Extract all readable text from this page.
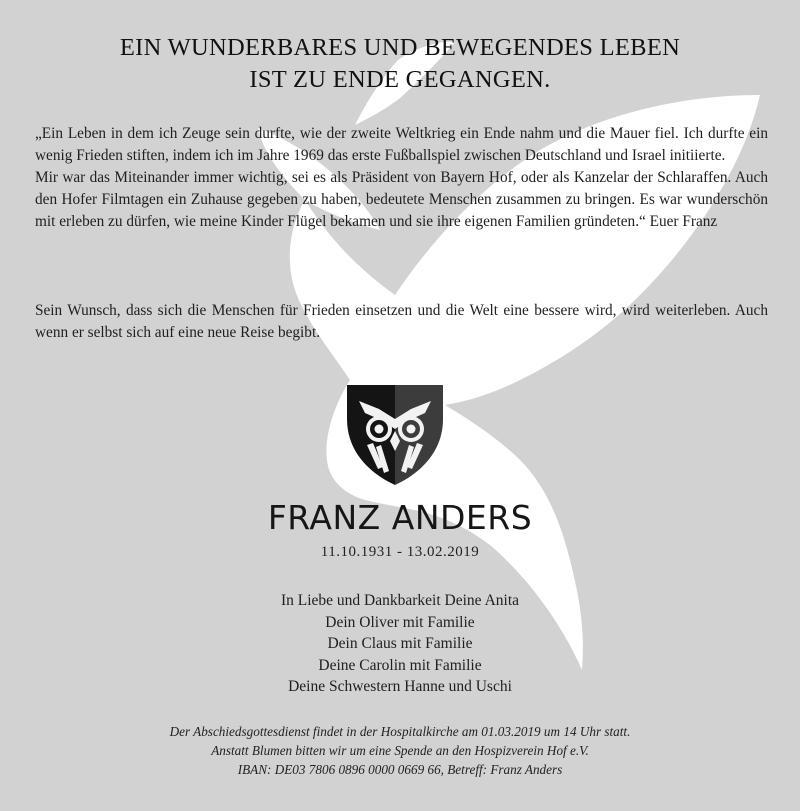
EIN WUNDERBARES UND BEWEGENDES LEBEN
IST ZU ENDE GEGANGEN.

„Ein Leben in dem ich Zeuge sein durfte, wie der zweite Weltkrieg ein Ende nahm und die Mauer fiel. Ich durfte ein wenig Frieden stiften, indem ich im Jahre 1969 das erste Fußballspiel zwischen Deutschland und Israel initiierte.

Mir war das Miteinander immer wichtig, sei es als Präsident von Bayern Hof, oder als Kanzelar der Schlaraffen. Auch den Hofer Filmtagen ein Zuhause gegeben zu haben, bedeutete Menschen zusammen zu bringen. Es war wunderschön mit erleben zu dürfen, wie meine Kinder Flügel bekamen und sie ihre eigenen Familien gründeten.“ Euer Franz

Sein Wunsch, dass sich die Menschen für Frieden einsetzen und die Welt eine bessere wird, wird weiterleben. Auch wenn er selbst sich auf eine neue Reise begibt.
FRANZ ANDERS
11.10.1931 - 13.02.2019
In Liebe und Dankbarkeit Deine Anita
Dein Oliver mit Familie
Dein Claus mit Familie
Deine Carolin mit Familie
Deine Schwestern Hanne und Uschi
Der Abschiedsgottesdienst findet in der Hospitalkirche am 01.03.2019 um 14 Uhr statt.
Anstatt Blumen bitten wir um eine Spende an den Hospizverein Hof e.V.
IBAN: DE03 7806 0896 0000 0669 66, Betreff: Franz Anders
